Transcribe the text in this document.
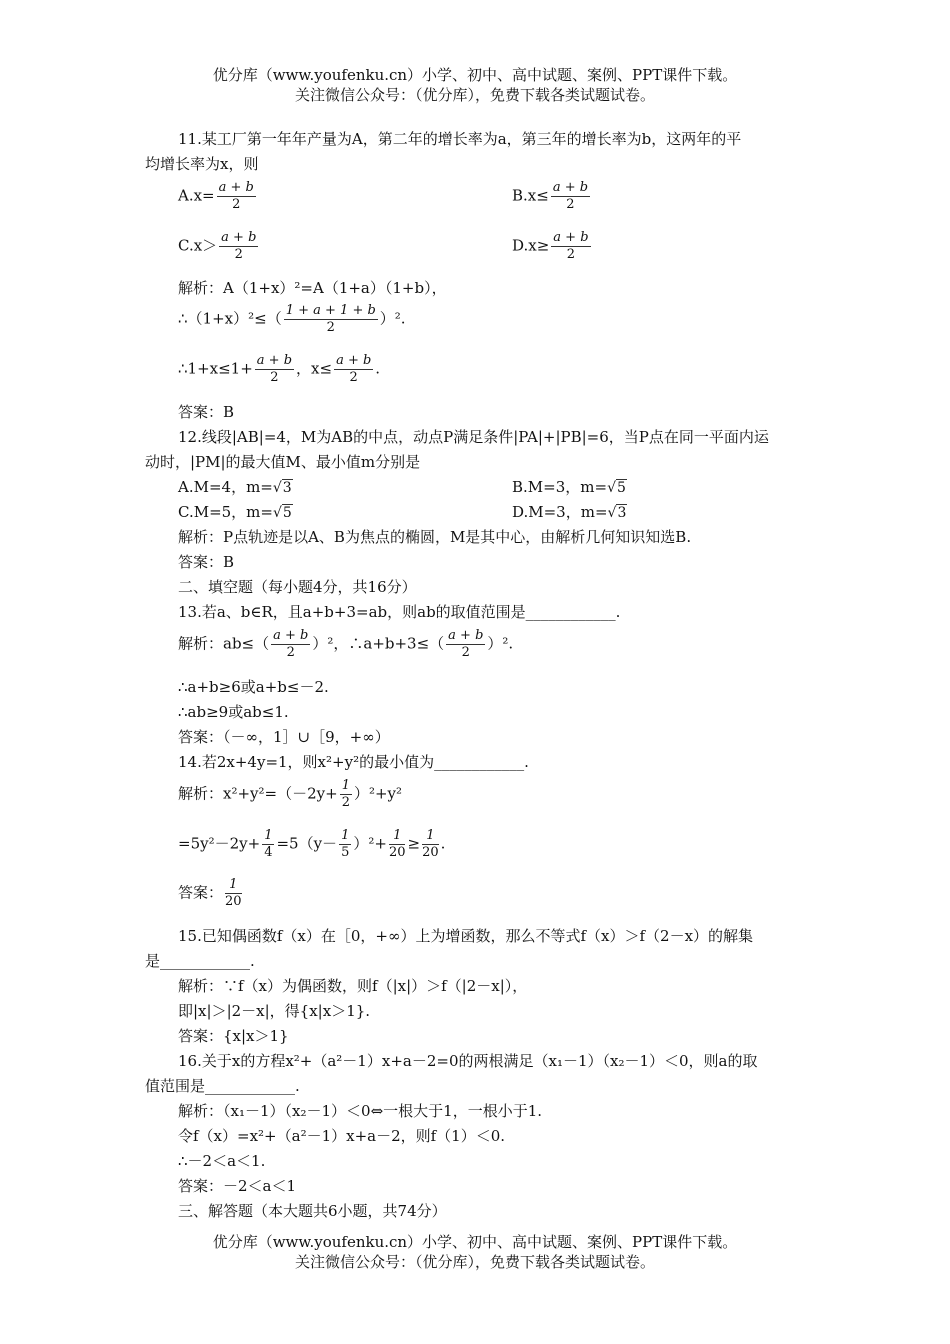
优分库（www.youfenku.cn）小学、初中、高中试题、案例、PPT课件下载。
关注微信公众号：（优分库），免费下载各类试题试卷。
11.某工厂第一年年产量为A，第二年的增长率为a，第三年的增长率为b，这两年的平
均增长率为x，则
$A.x= \frac{a + b}{2}$	$B.x\le \frac{a + b}{2}$
$C.x> \frac{a + b}{2}$	$D.x\ge \frac{a + b}{2}$
解析：A（1+x）²=A（1+a）（1+b），
∴（1+x）²≤（ $\frac{1 + a + 1 + b}{2} )^2$.
∴1+x≤1+ $\frac{a + b}{2}$ ，$x\le \frac{a + b}{2}$ .
答案：B
12.线段|AB|=4，M为AB的中点，动点P满足条件|PA|+|PB|=6，当P点在同一平面内运
动时，|PM|的最大值M、最小值m分别是
A.M=4，m=√3	B.M=3，m=√5
C.M=5，m=√5	D.M=3，m=√3
解析：P点轨迹是以A、B为焦点的椭圆，M是其中心，由解析几何知识知选B.
答案：B
二、填空题（每小题4分，共16分）
13.若a、b∈R，且a+b+3=ab，则ab的取值范围是____________.
解析：$ab\le( \frac{a + b}{2} )^2$，∴a+b+3≤（ $\frac{a + b}{2} )^2$.
∴a+b≥6或a+b≤－2.
∴ab≥9或ab≤1.
答案：（－∞，1］∪［9，+∞）
14.若2x+4y=1，则x²+y²的最小值为____________.
解析：$x^2+y^2=(-2y+ \frac{1}{2} )^2+y^2$
$=5y^2-2y+ \frac{1}{4} =5(y- \frac{1}{5} )^2+ \frac{1}{20} \ge \frac{1}{20}$ .
答案： $\frac{1}{20}$
15.已知偶函数f（x）在［0，+∞）上为增函数，那么不等式f（x）＞f（2－x）的解集
是____________.
解析：∵f（x）为偶函数，则f（|x|）＞f（|2－x|），
即|x|＞|2－x|，得{x|x＞1}.
答案：{x|x＞1}
16.关于x的方程x²+（a²－1）x+a－2=0的两根满足（x₁－1）（x₂－1）＜0，则a的取
值范围是____________.
解析：（x₁－1）（x₂－1）＜0⇔一根大于1，一根小于1.
令f（x）=x²+（a²－1）x+a－2，则f（1）＜0.
∴－2＜a＜1.
答案：－2＜a＜1
三、解答题（本大题共6小题，共74分）
优分库（www.youfenku.cn）小学、初中、高中试题、案例、PPT课件下载。
关注微信公众号：（优分库），免费下载各类试题试卷。
